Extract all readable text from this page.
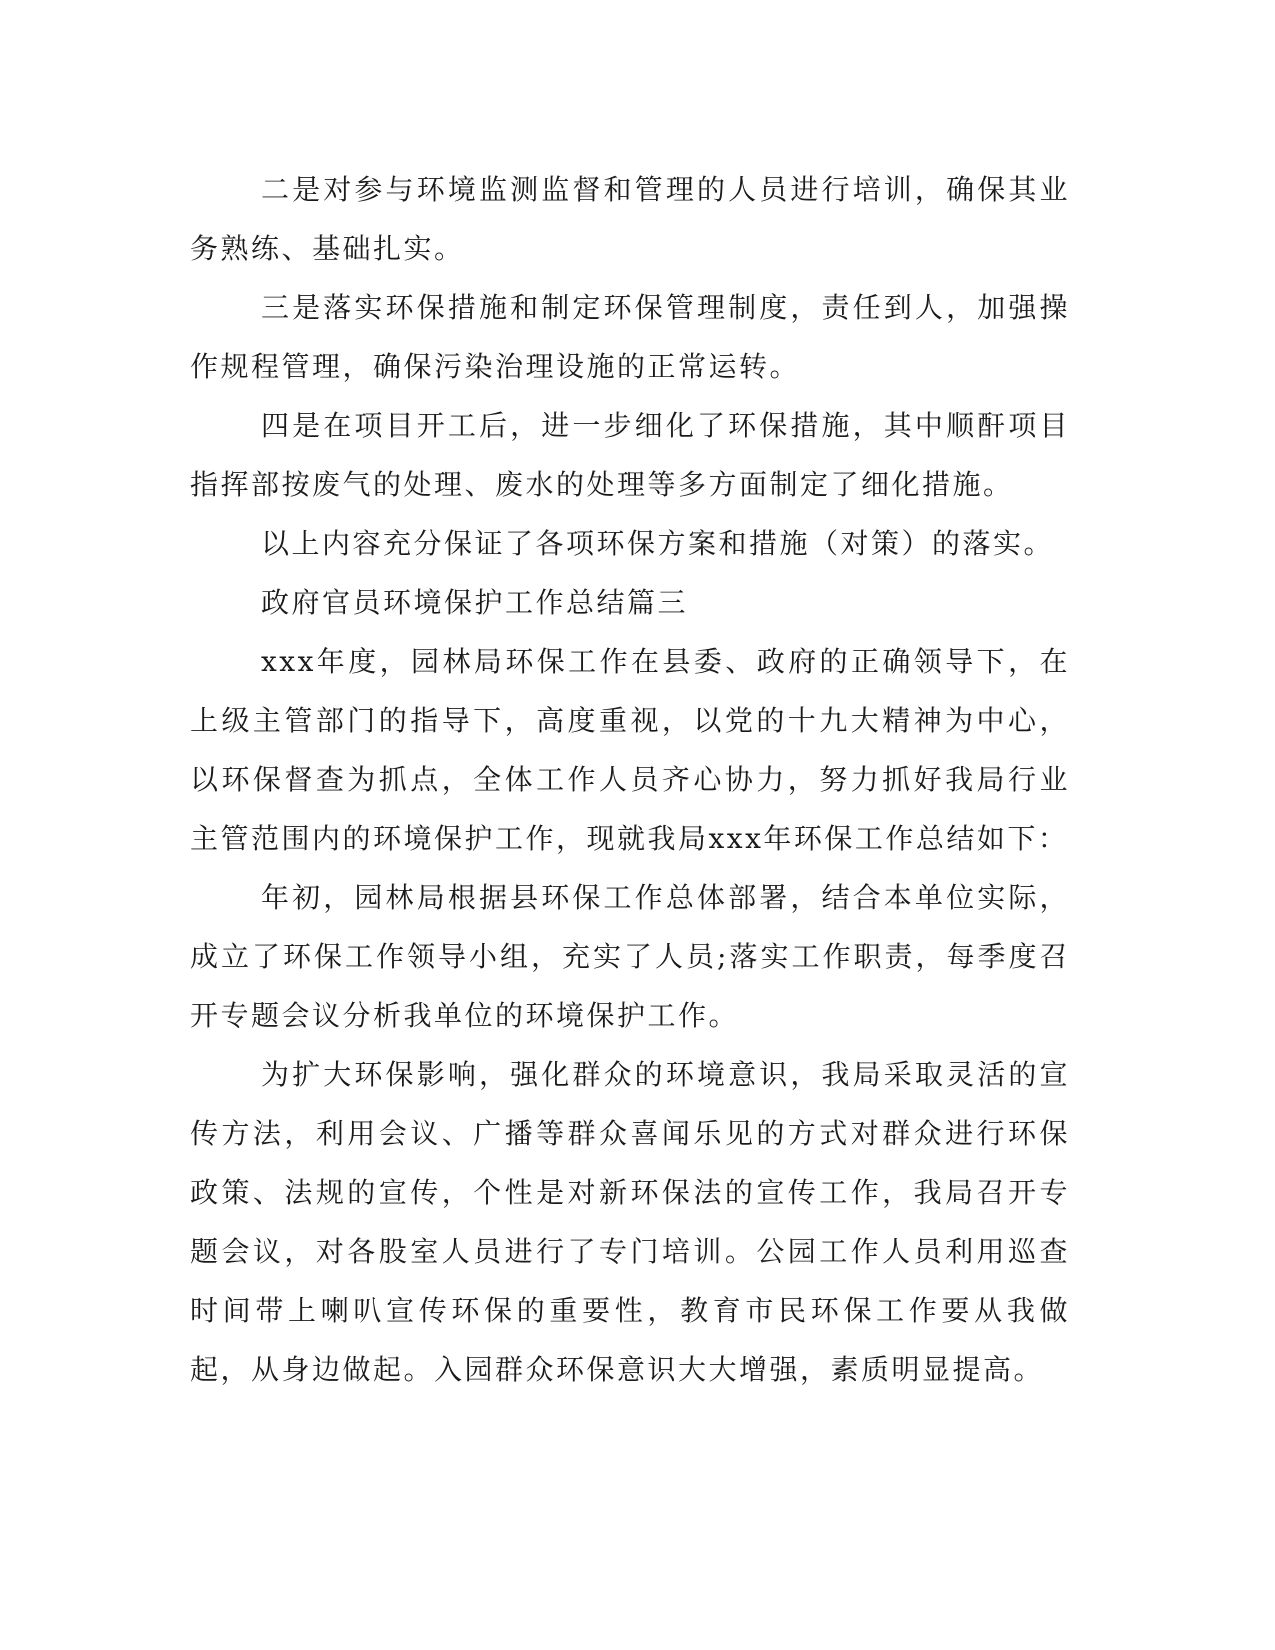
二是对参与环境监测监督和管理的人员进行培训，确保其业务熟练、基础扎实。

三是落实环保措施和制定环保管理制度，责任到人，加强操作规程管理，确保污染治理设施的正常运转。

四是在项目开工后，进一步细化了环保措施，其中顺酐项目指挥部按废气的处理、废水的处理等多方面制定了细化措施。

以上内容充分保证了各项环保方案和措施（对策）的落实。

政府官员环境保护工作总结篇三

xxx年度，园林局环保工作在县委、政府的正确领导下，在上级主管部门的指导下，高度重视，以党的十九大精神为中心，以环保督查为抓点，全体工作人员齐心协力，努力抓好我局行业主管范围内的环境保护工作，现就我局xxx年环保工作总结如下：

年初，园林局根据县环保工作总体部署，结合本单位实际，成立了环保工作领导小组，充实了人员;落实工作职责，每季度召开专题会议分析我单位的环境保护工作。

为扩大环保影响，强化群众的环境意识，我局采取灵活的宣传方法，利用会议、广播等群众喜闻乐见的方式对群众进行环保政策、法规的宣传，个性是对新环保法的宣传工作，我局召开专题会议，对各股室人员进行了专门培训。公园工作人员利用巡查时间带上喇叭宣传环保的重要性，教育市民环保工作要从我做起，从身边做起。入园群众环保意识大大增强，素质明显提高。
